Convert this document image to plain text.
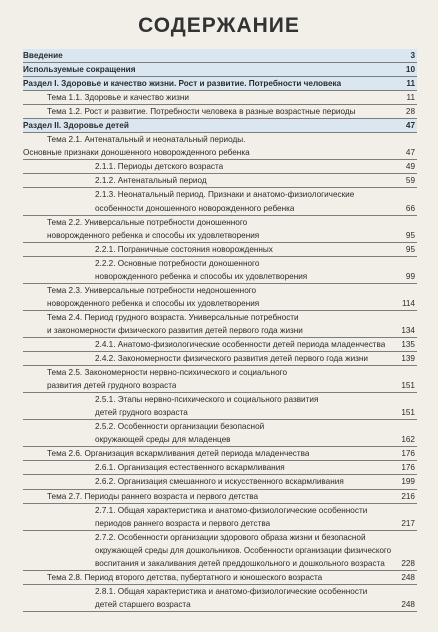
СОДЕРЖАНИЕ
Введение	3
Используемые сокращения	10
Раздел I. Здоровье и качество жизни. Рост и развитие. Потребности человека	11
Тема 1.1. Здоровье и качество жизни	11
Тема 1.2. Рост и развитие. Потребности человека в разные возрастные периоды	28
Раздел II. Здоровье детей	47
Тема 2.1. Антенатальный и неонатальный периоды.
Основные признаки доношенного новорожденного ребенка	47
2.1.1. Периоды детского возраста	49
2.1.2. Антенатальный период	59
2.1.3. Неонатальный период. Признаки и анатомо-физиологические
особенности доношенного новорожденного ребенка	66
Тема 2.2. Универсальные потребности доношенного
новорожденного ребенка и способы их удовлетворения	95
2.2.1. Пограничные состояния новорожденных	95
2.2.2. Основные потребности доношенного
новорожденного ребенка и способы их удовлетворения	99
Тема 2.3. Универсальные потребности недоношенного
новорожденного ребенка и способы их удовлетворения	114
Тема 2.4. Период грудного возраста. Универсальные потребности
и закономерности физического развития детей первого года жизни	134
2.4.1. Анатомо-физиологические особенности детей периода младенчества 135
2.4.2. Закономерности физического развития детей первого года жизни	139
Тема 2.5. Закономерности нервно-психического и социального
развития детей грудного возраста	151
2.5.1. Этапы нервно-психического и социального развития
детей грудного возраста	151
2.5.2. Особенности организации безопасной
окружающей среды для младенцев	162
Тема 2.6. Организация вскармливания детей периода младенчества	176
2.6.1. Организация естественного вскармливания	176
2.6.2. Организация смешанного и искусственного вскармливания	199
Тема 2.7. Периоды раннего возраста и первого детства	216
2.7.1. Общая характеристика и анатомо-физиологические особенности
периодов раннего возраста и первого детства	217
2.7.2. Особенности организации здорового образа жизни и безопасной
окружающей среды для дошкольников. Особенности организации физического
воспитания и закаливания детей преддошкольного и дошкольного возраста 228
Тема 2.8. Период второго детства, пубертатного и юношеского возраста	248
2.8.1. Общая характеристика и анатомо-физиологические особенности
детей старшего возраста	248
